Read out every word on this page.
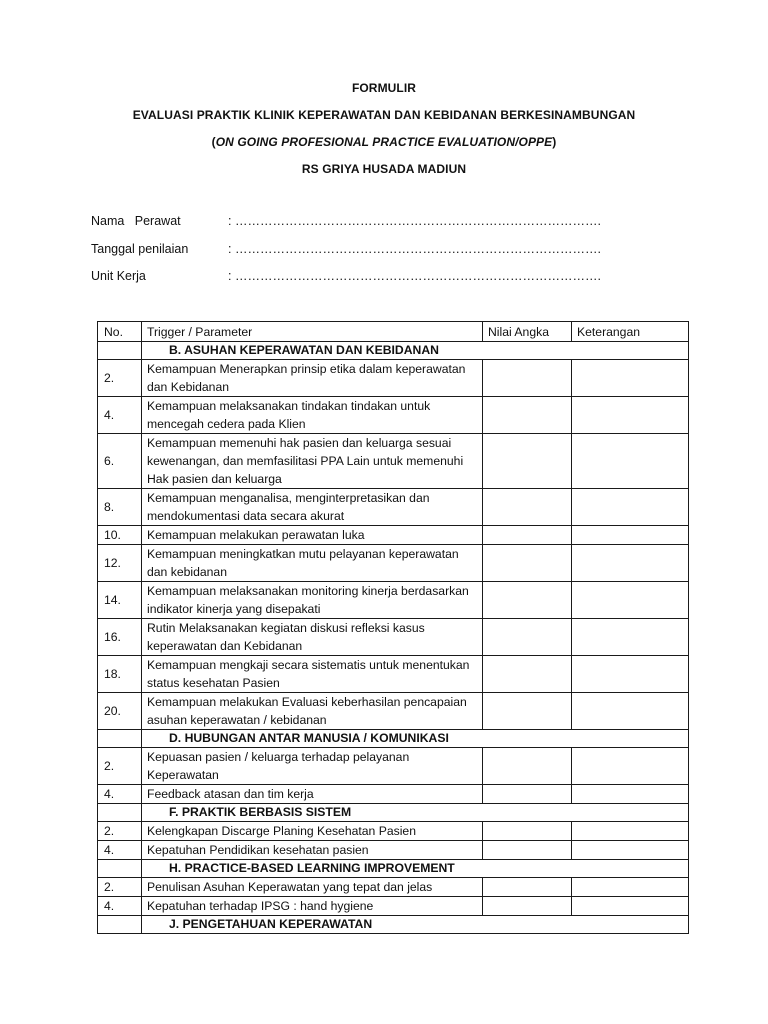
FORMULIR
EVALUASI PRAKTIK KLINIK KEPERAWATAN DAN KEBIDANAN BERKESINAMBUNGAN
(ON GOING PROFESIONAL PRACTICE EVALUATION/OPPE)
RS GRIYA HUSADA MADIUN
Nama   Perawat	: …………………………………………………………………………….
Tanggal penilaian	: …………………………………………………………………………….
Unit Kerja	: …………………………………………………………………………….
No.	Trigger / Parameter	Nilai Angka	Keterangan
	B. ASUHAN KEPERAWATAN DAN KEBIDANAN		
2.	Kemampuan Menerapkan prinsip etika dalam keperawatan dan Kebidanan		
4.	Kemampuan melaksanakan tindakan tindakan untuk mencegah cedera pada Klien		
6.	Kemampuan memenuhi hak pasien dan keluarga sesuai kewenangan, dan memfasilitasi PPA Lain untuk memenuhi Hak pasien dan keluarga		
8.	Kemampuan menganalisa, menginterpretasikan dan mendokumentasi data secara akurat		
10.	Kemampuan melakukan perawatan luka		
12.	Kemampuan meningkatkan mutu pelayanan keperawatan dan kebidanan		
14.	Kemampuan melaksanakan monitoring kinerja berdasarkan indikator kinerja yang disepakati		
16.	Rutin Melaksanakan kegiatan diskusi refleksi kasus keperawatan dan Kebidanan		
18.	Kemampuan mengkaji secara sistematis untuk menentukan status kesehatan Pasien		
20.	Kemampuan melakukan Evaluasi keberhasilan pencapaian asuhan keperawatan / kebidanan		
	D. HUBUNGAN ANTAR MANUSIA / KOMUNIKASI		
2.	Kepuasan pasien / keluarga terhadap pelayanan Keperawatan		
4.	Feedback atasan dan tim kerja		
	F. PRAKTIK BERBASIS SISTEM		
2.	Kelengkapan Discarge Planing Kesehatan Pasien		
4.	Kepatuhan Pendidikan kesehatan pasien		
	H. PRACTICE-BASED LEARNING IMPROVEMENT		
2.	Penulisan Asuhan Keperawatan yang tepat dan jelas		
4.	Kepatuhan terhadap IPSG : hand hygiene		
	J. PENGETAHUAN KEPERAWATAN		
